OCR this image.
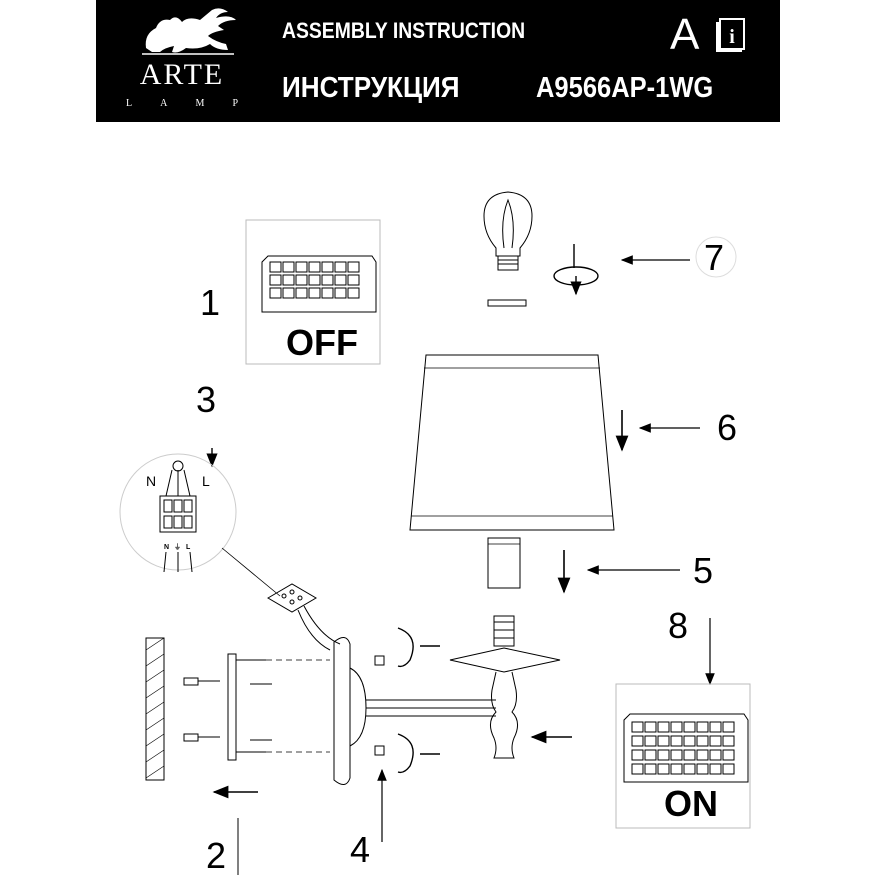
ARTE
L	A	M	P
ASSEMBLY INSTRUCTION
ИНСТРУКЦИЯ	A9566AP-1WG
A i
OFF
1
7
6
5
3
N	L
N ⏚ L
2	4
8
ON
